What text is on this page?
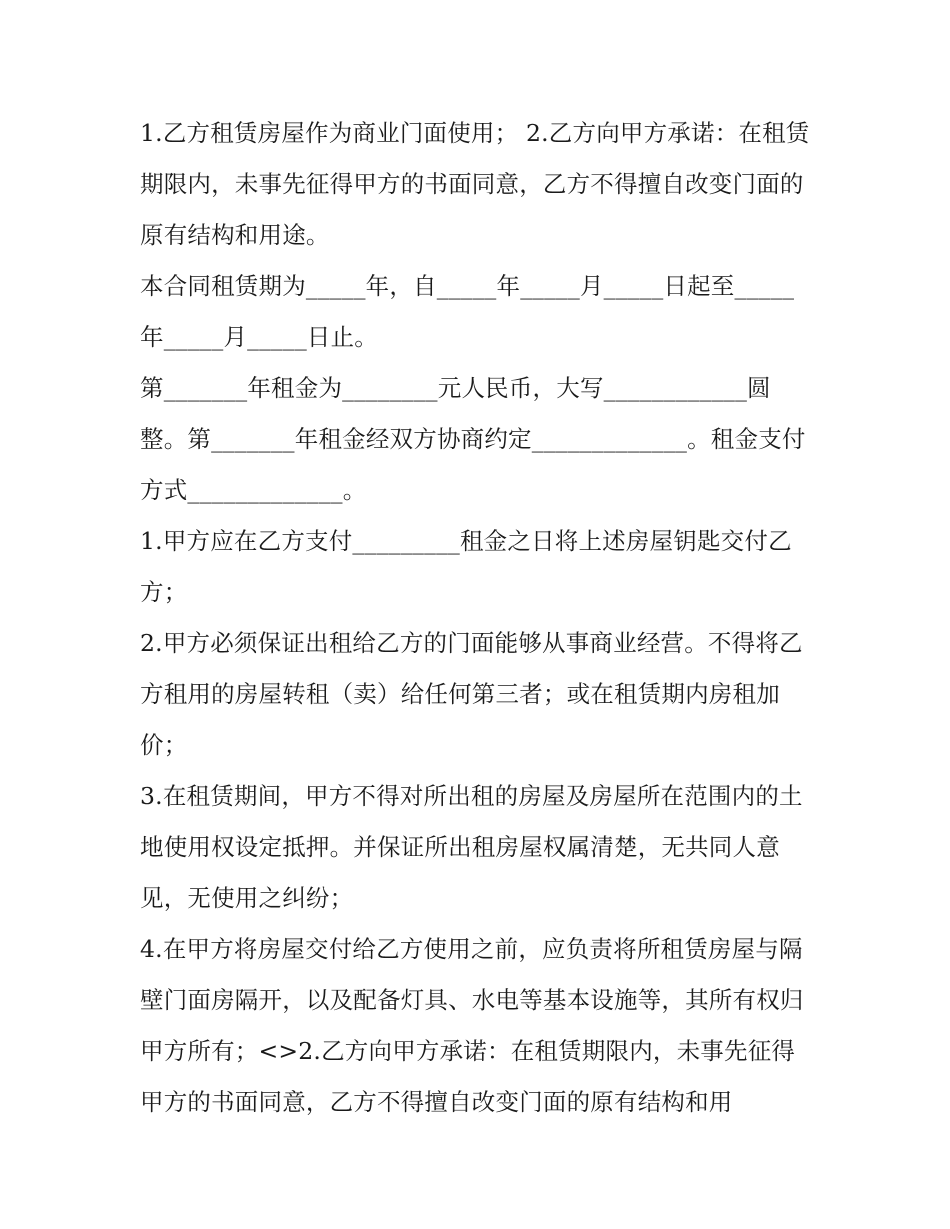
1.乙方租赁房屋作为商业门面使用； 2.乙方向甲方承诺：在租赁期限内，未事先征得甲方的书面同意，乙方不得擅自改变门面的原有结构和用途。

本合同租赁期为_____年，自_____年_____月_____日起至_____年_____月_____日止。

第_______年租金为________元人民币，大写____________圆整。第_______年租金经双方协商约定_____________。租金支付方式_____________。

1.甲方应在乙方支付_________租金之日将上述房屋钥匙交付乙方；

2.甲方必须保证出租给乙方的门面能够从事商业经营。不得将乙方租用的房屋转租（卖）给任何第三者；或在租赁期内房租加价；

3.在租赁期间，甲方不得对所出租的房屋及房屋所在范围内的土地使用权设定抵押。并保证所出租房屋权属清楚，无共同人意见，无使用之纠纷；

4.在甲方将房屋交付给乙方使用之前，应负责将所租赁房屋与隔壁门面房隔开，以及配备灯具、水电等基本设施等，其所有权归甲方所有；<>2.乙方向甲方承诺：在租赁期限内，未事先征得甲方的书面同意，乙方不得擅自改变门面的原有结构和用
